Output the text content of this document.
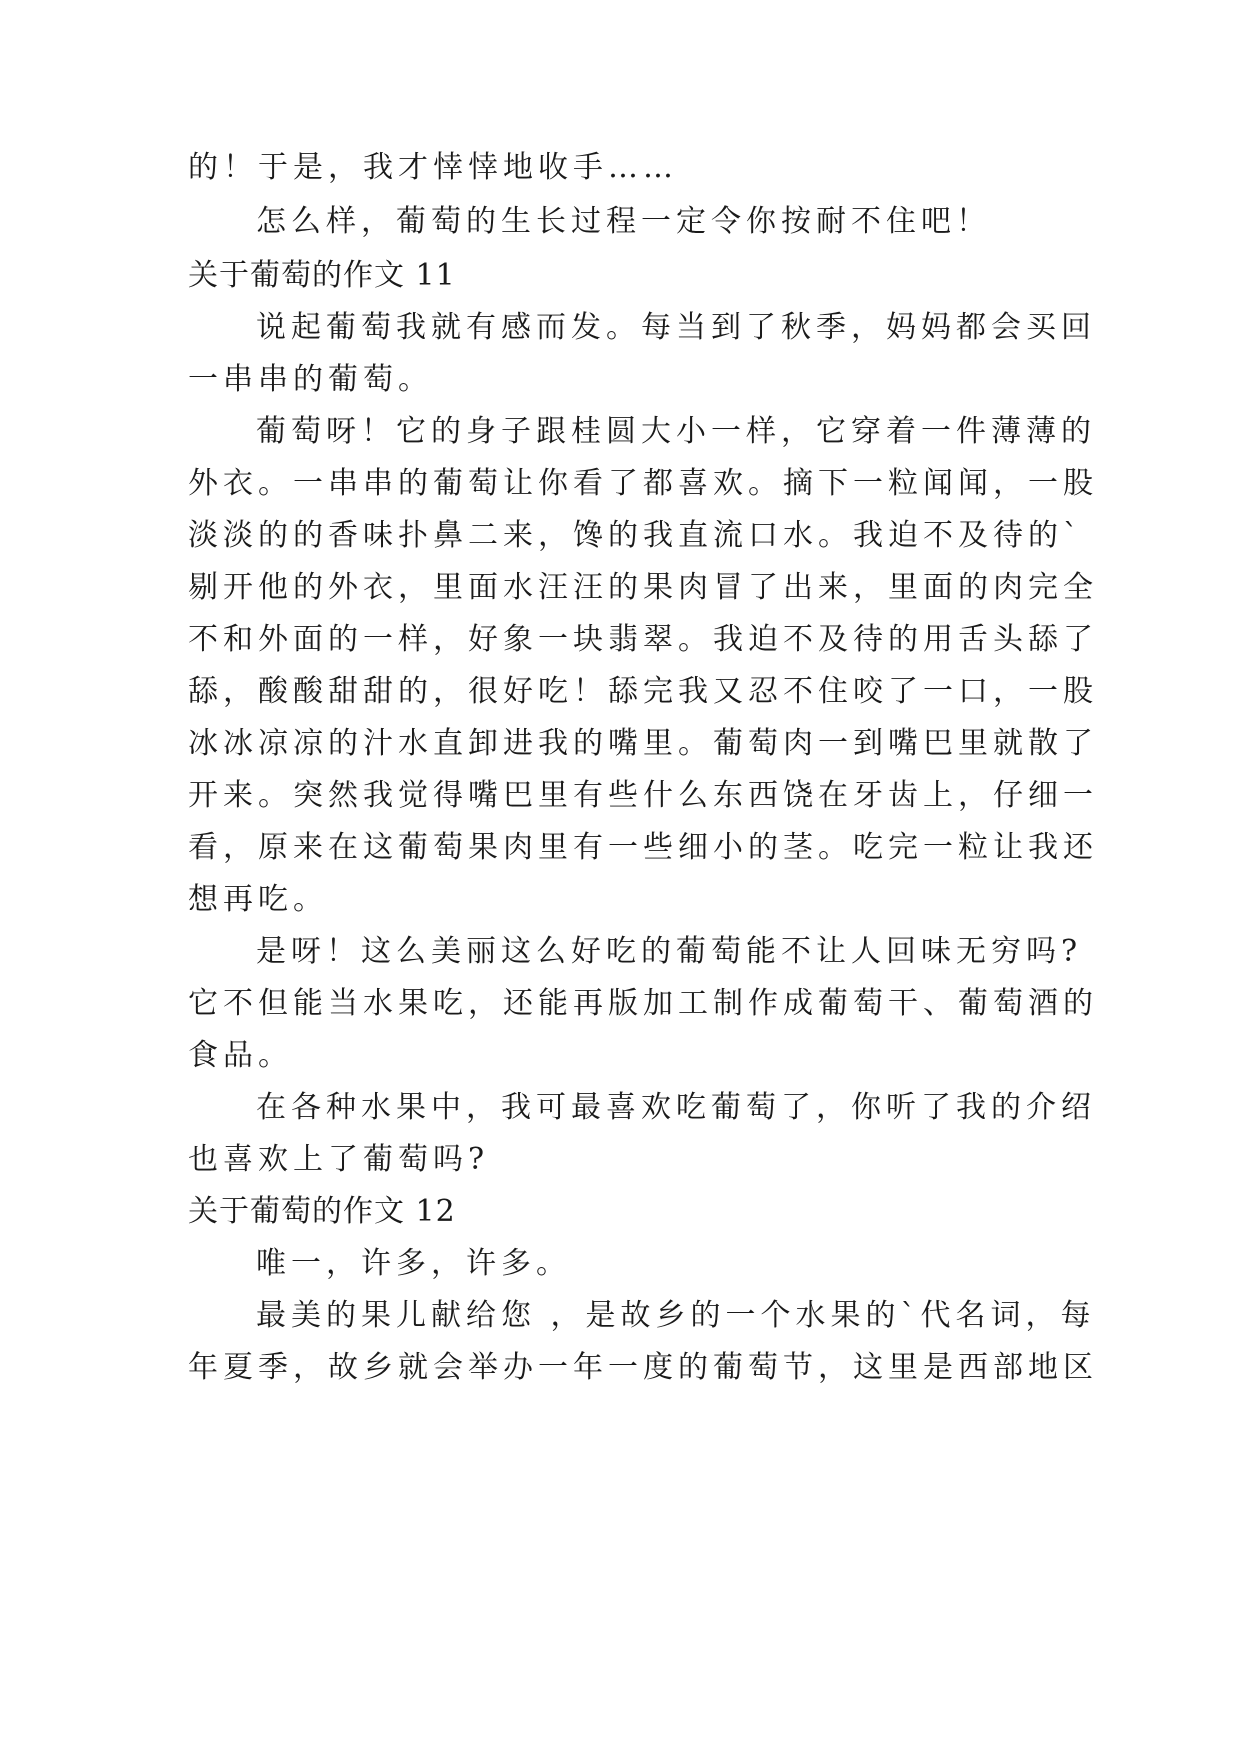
的！于是，我才悻悻地收手……
怎么样，葡萄的生长过程一定令你按耐不住吧！
关于葡萄的作文 11
说起葡萄我就有感而发。每当到了秋季，妈妈都会买回
一串串的葡萄。
葡萄呀！它的身子跟桂圆大小一样，它穿着一件薄薄的
外衣。一串串的葡萄让你看了都喜欢。摘下一粒闻闻，一股
淡淡的的香味扑鼻二来，馋的我直流口水。我迫不及待的`
剔开他的外衣，里面水汪汪的果肉冒了出来，里面的肉完全
不和外面的一样，好象一块翡翠。我迫不及待的用舌头舔了
舔，酸酸甜甜的，很好吃！舔完我又忍不住咬了一口，一股
冰冰凉凉的汁水直卸进我的嘴里。葡萄肉一到嘴巴里就散了
开来。突然我觉得嘴巴里有些什么东西饶在牙齿上，仔细一
看，原来在这葡萄果肉里有一些细小的茎。吃完一粒让我还
想再吃。
是呀！这么美丽这么好吃的葡萄能不让人回味无穷吗?
它不但能当水果吃，还能再版加工制作成葡萄干、葡萄酒的
食品。
在各种水果中，我可最喜欢吃葡萄了，你听了我的介绍
也喜欢上了葡萄吗?
关于葡萄的作文 12
唯一，许多，许多。
最美的果儿献给您 ，是故乡的一个水果的`代名词，每
年夏季，故乡就会举办一年一度的葡萄节，这里是西部地区
